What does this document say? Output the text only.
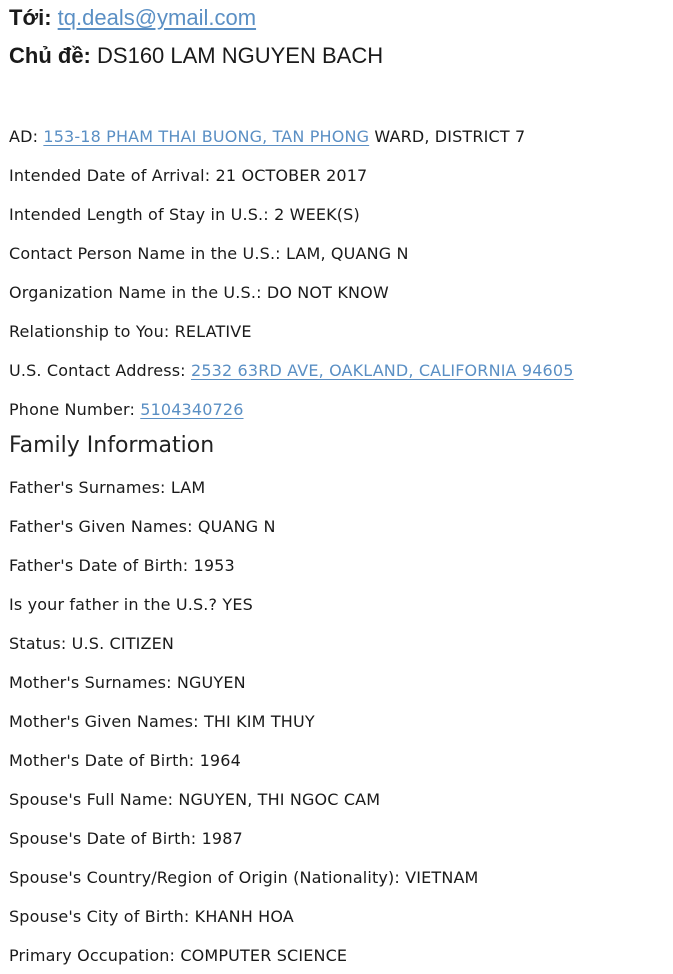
Tới: tq.deals@ymail.com
Chủ đề: DS160 LAM NGUYEN BACH
AD: 153-18 PHAM THAI BUONG, TAN PHONG WARD, DISTRICT 7
Intended Date of Arrival: 21 OCTOBER 2017
Intended Length of Stay in U.S.: 2 WEEK(S)
Contact Person Name in the U.S.: LAM, QUANG N
Organization Name in the U.S.: DO NOT KNOW
Relationship to You: RELATIVE
U.S. Contact Address: 2532 63RD AVE, OAKLAND, CALIFORNIA 94605
Phone Number: 5104340726
Family Information
Father's Surnames: LAM
Father's Given Names: QUANG N
Father's Date of Birth: 1953
Is your father in the U.S.? YES
Status: U.S. CITIZEN
Mother's Surnames: NGUYEN
Mother's Given Names: THI KIM THUY
Mother's Date of Birth: 1964
Spouse's Full Name: NGUYEN, THI NGOC CAM
Spouse's Date of Birth: 1987
Spouse's Country/Region of Origin (Nationality): VIETNAM
Spouse's City of Birth: KHANH HOA
Primary Occupation: COMPUTER SCIENCE
